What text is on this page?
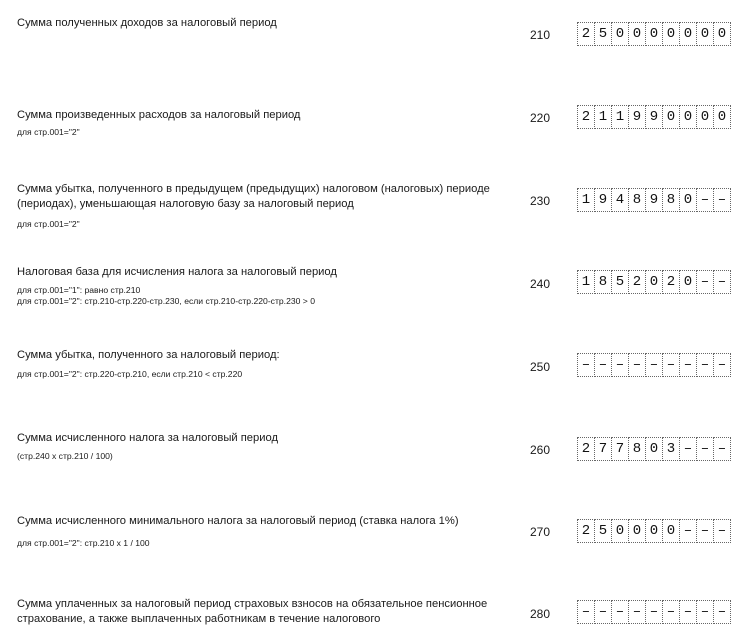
Сумма полученных доходов за налоговый период
210	2 5 0 0 0 0 0 0 0
Сумма произведенных расходов за налоговый период
для стр.001="2"
220	2 1 1 9 9 0 0 0 0
Сумма убытка, полученного в предыдущем (предыдущих) налоговом (налоговых) периоде (периодах), уменьшающая налоговую базу за налоговый период
для стр.001="2"
230	1 9 4 8 9 8 0 – –
Налоговая база для исчисления налога за налоговый период
для стр.001="1": равно стр.210
для стр.001="2": стр.210-стр.220-стр.230, если стр.210-стр.220-стр.230 > 0
240	1 8 5 2 0 2 0 – –
Сумма убытка, полученного за налоговый период:
для стр.001="2": стр.220-стр.210, если стр.210 < стр.220	250	– – – – – – – – –
Сумма исчисленного налога за налоговый период
(стр.240 x стр.210 / 100)	260	2 7 7 8 0 3 – – –
Сумма исчисленного минимального налога за налоговый период (ставка налога 1%)
для стр.001="2": стр.210 x 1 / 100
270	2 5 0 0 0 0 – – –
Сумма уплаченных за налоговый период страховых взносов на обязательное пенсионное страхование, а также выплаченных работникам в течение налогового	280	– – – – – – – – –
